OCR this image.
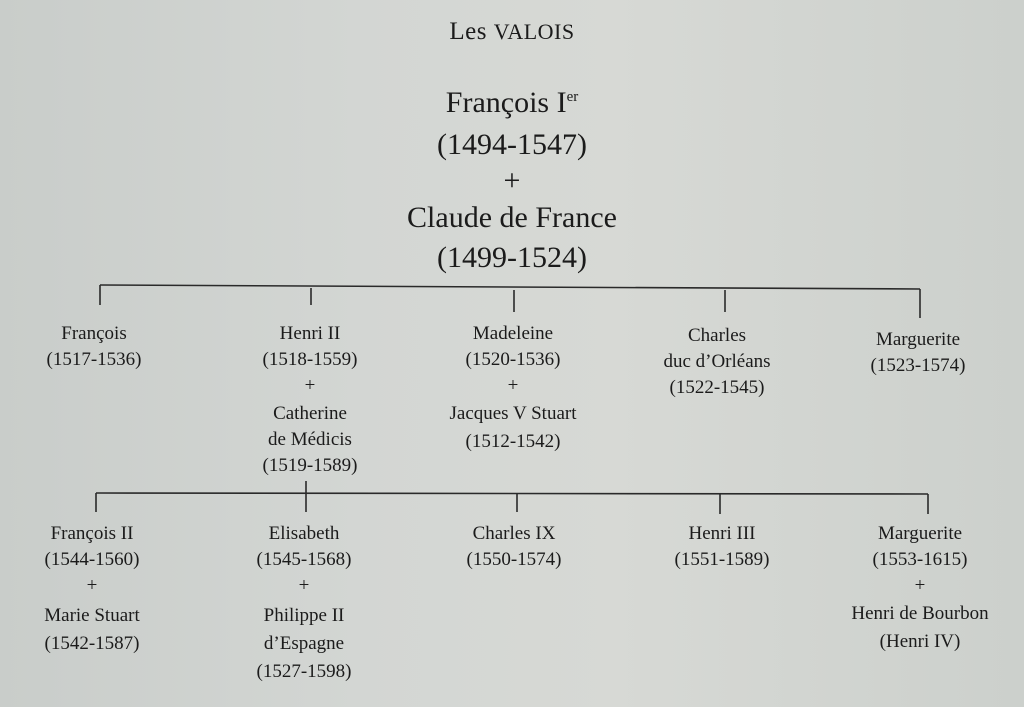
Les VALOIS
François Ier
(1494-1547)
+
Claude de France
(1499-1524)
François
(1517-1536)
Henri II
(1518-1559)
+
Catherine
de Médicis
(1519-1589)
Madeleine
(1520-1536)
+
Jacques V Stuart
(1512-1542)
Charles
duc d’Orléans
(1522-1545)
Marguerite
(1523-1574)
François II
(1544-1560)
+
Marie Stuart
(1542-1587)
Elisabeth
(1545-1568)
+
Philippe II
d’Espagne
(1527-1598)
Charles IX
(1550-1574)
Henri III
(1551-1589)
Marguerite
(1553-1615)
+
Henri de Bourbon
(Henri IV)
